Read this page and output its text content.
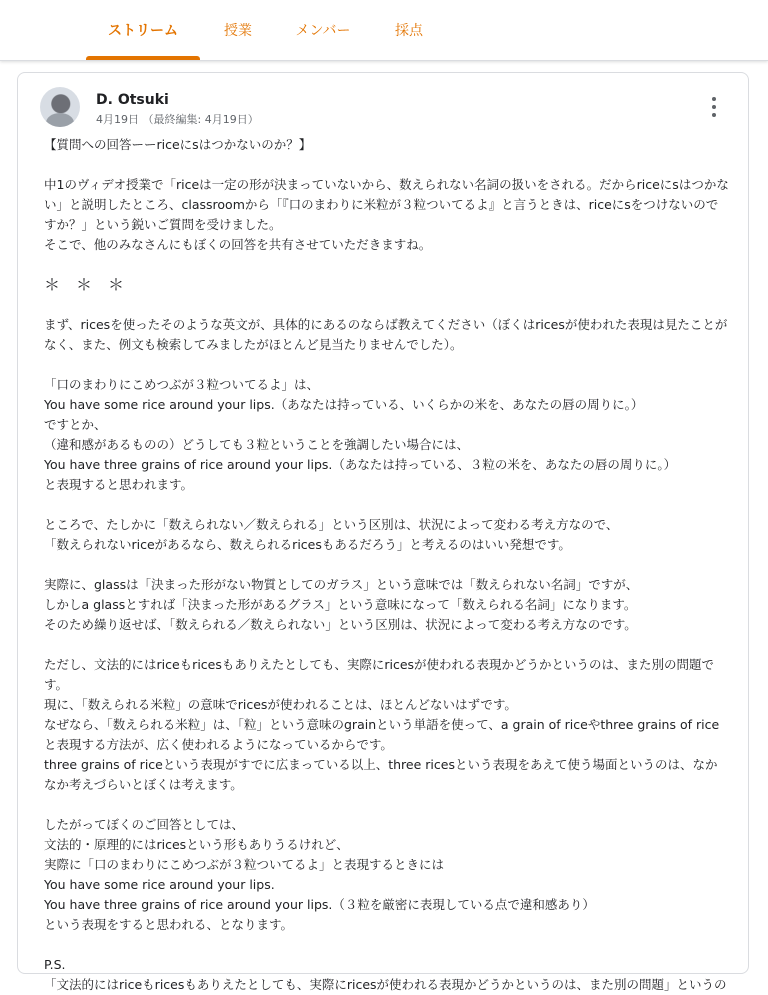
ストリーム	授業	メンバー	採点
D. Otsuki
4月19日 （最終編集: 4月19日）

【質問への回答ーーriceにsはつかないのか？】

中1のヴィデオ授業で「riceは一定の形が決まっていないから、数えられない名詞の扱いをされる。だからriceにsはつかない」と説明したところ、classroomから「『口のまわりに米粒が３粒ついてるよ』と言うときは、riceにsをつけないのですか？」という鋭いご質問を受けました。

そこで、他のみなさんにもぼくの回答を共有させていただきますね。

＊　＊　＊

まず、ricesを使ったそのような英文が、具体的にあるのならば教えてください（ぼくはricesが使われた表現は見たことがなく、また、例文も検索してみましたがほとんど見当たりませんでした）。

「口のまわりにこめつぶが３粒ついてるよ」は、

You have some rice around your lips.（あなたは持っている、いくらかの米を、あなたの唇の周りに。）

ですとか、

（違和感があるものの）どうしても３粒ということを強調したい場合には、

You have three grains of rice around your lips.（あなたは持っている、３粒の米を、あなたの唇の周りに。）

と表現すると思われます。

ところで、たしかに「数えられない／数えられる」という区別は、状況によって変わる考え方なので、

「数えられないriceがあるなら、数えられるricesもあるだろう」と考えるのはいい発想です。

実際に、glassは「決まった形がない物質としてのガラス」という意味では「数えられない名詞」ですが、

しかしa glassとすれば「決まった形があるグラス」という意味になって「数えられる名詞」になります。

そのため繰り返せば、「数えられる／数えられない」という区別は、状況によって変わる考え方なのです。

ただし、文法的にはriceもricesもありえたとしても、実際にricesが使われる表現かどうかというのは、また別の問題です。

現に、「数えられる米粒」の意味でricesが使われることは、ほとんどないはずです。

なぜなら、「数えられる米粒」は、「粒」という意味のgrainという単語を使って、a grain of riceやthree grains of riceと表現する方法が、広く使われるようになっているからです。

three grains of riceという表現がすでに広まっている以上、three ricesという表現をあえて使う場面というのは、なかなか考えづらいとぼくは考えます。

したがってぼくのご回答としては、

文法的・原理的にはricesという形もありうるけれど、

実際に「口のまわりにこめつぶが３粒ついてるよ」と表現するときには

You have some rice around your lips.

You have three grains of rice around your lips.（３粒を厳密に表現している点で違和感あり）

という表現をすると思われる、となります。

P.S.

「文法的にはriceもricesもありえたとしても、実際にricesが使われる表現かどうかというのは、また別の問題」というの
